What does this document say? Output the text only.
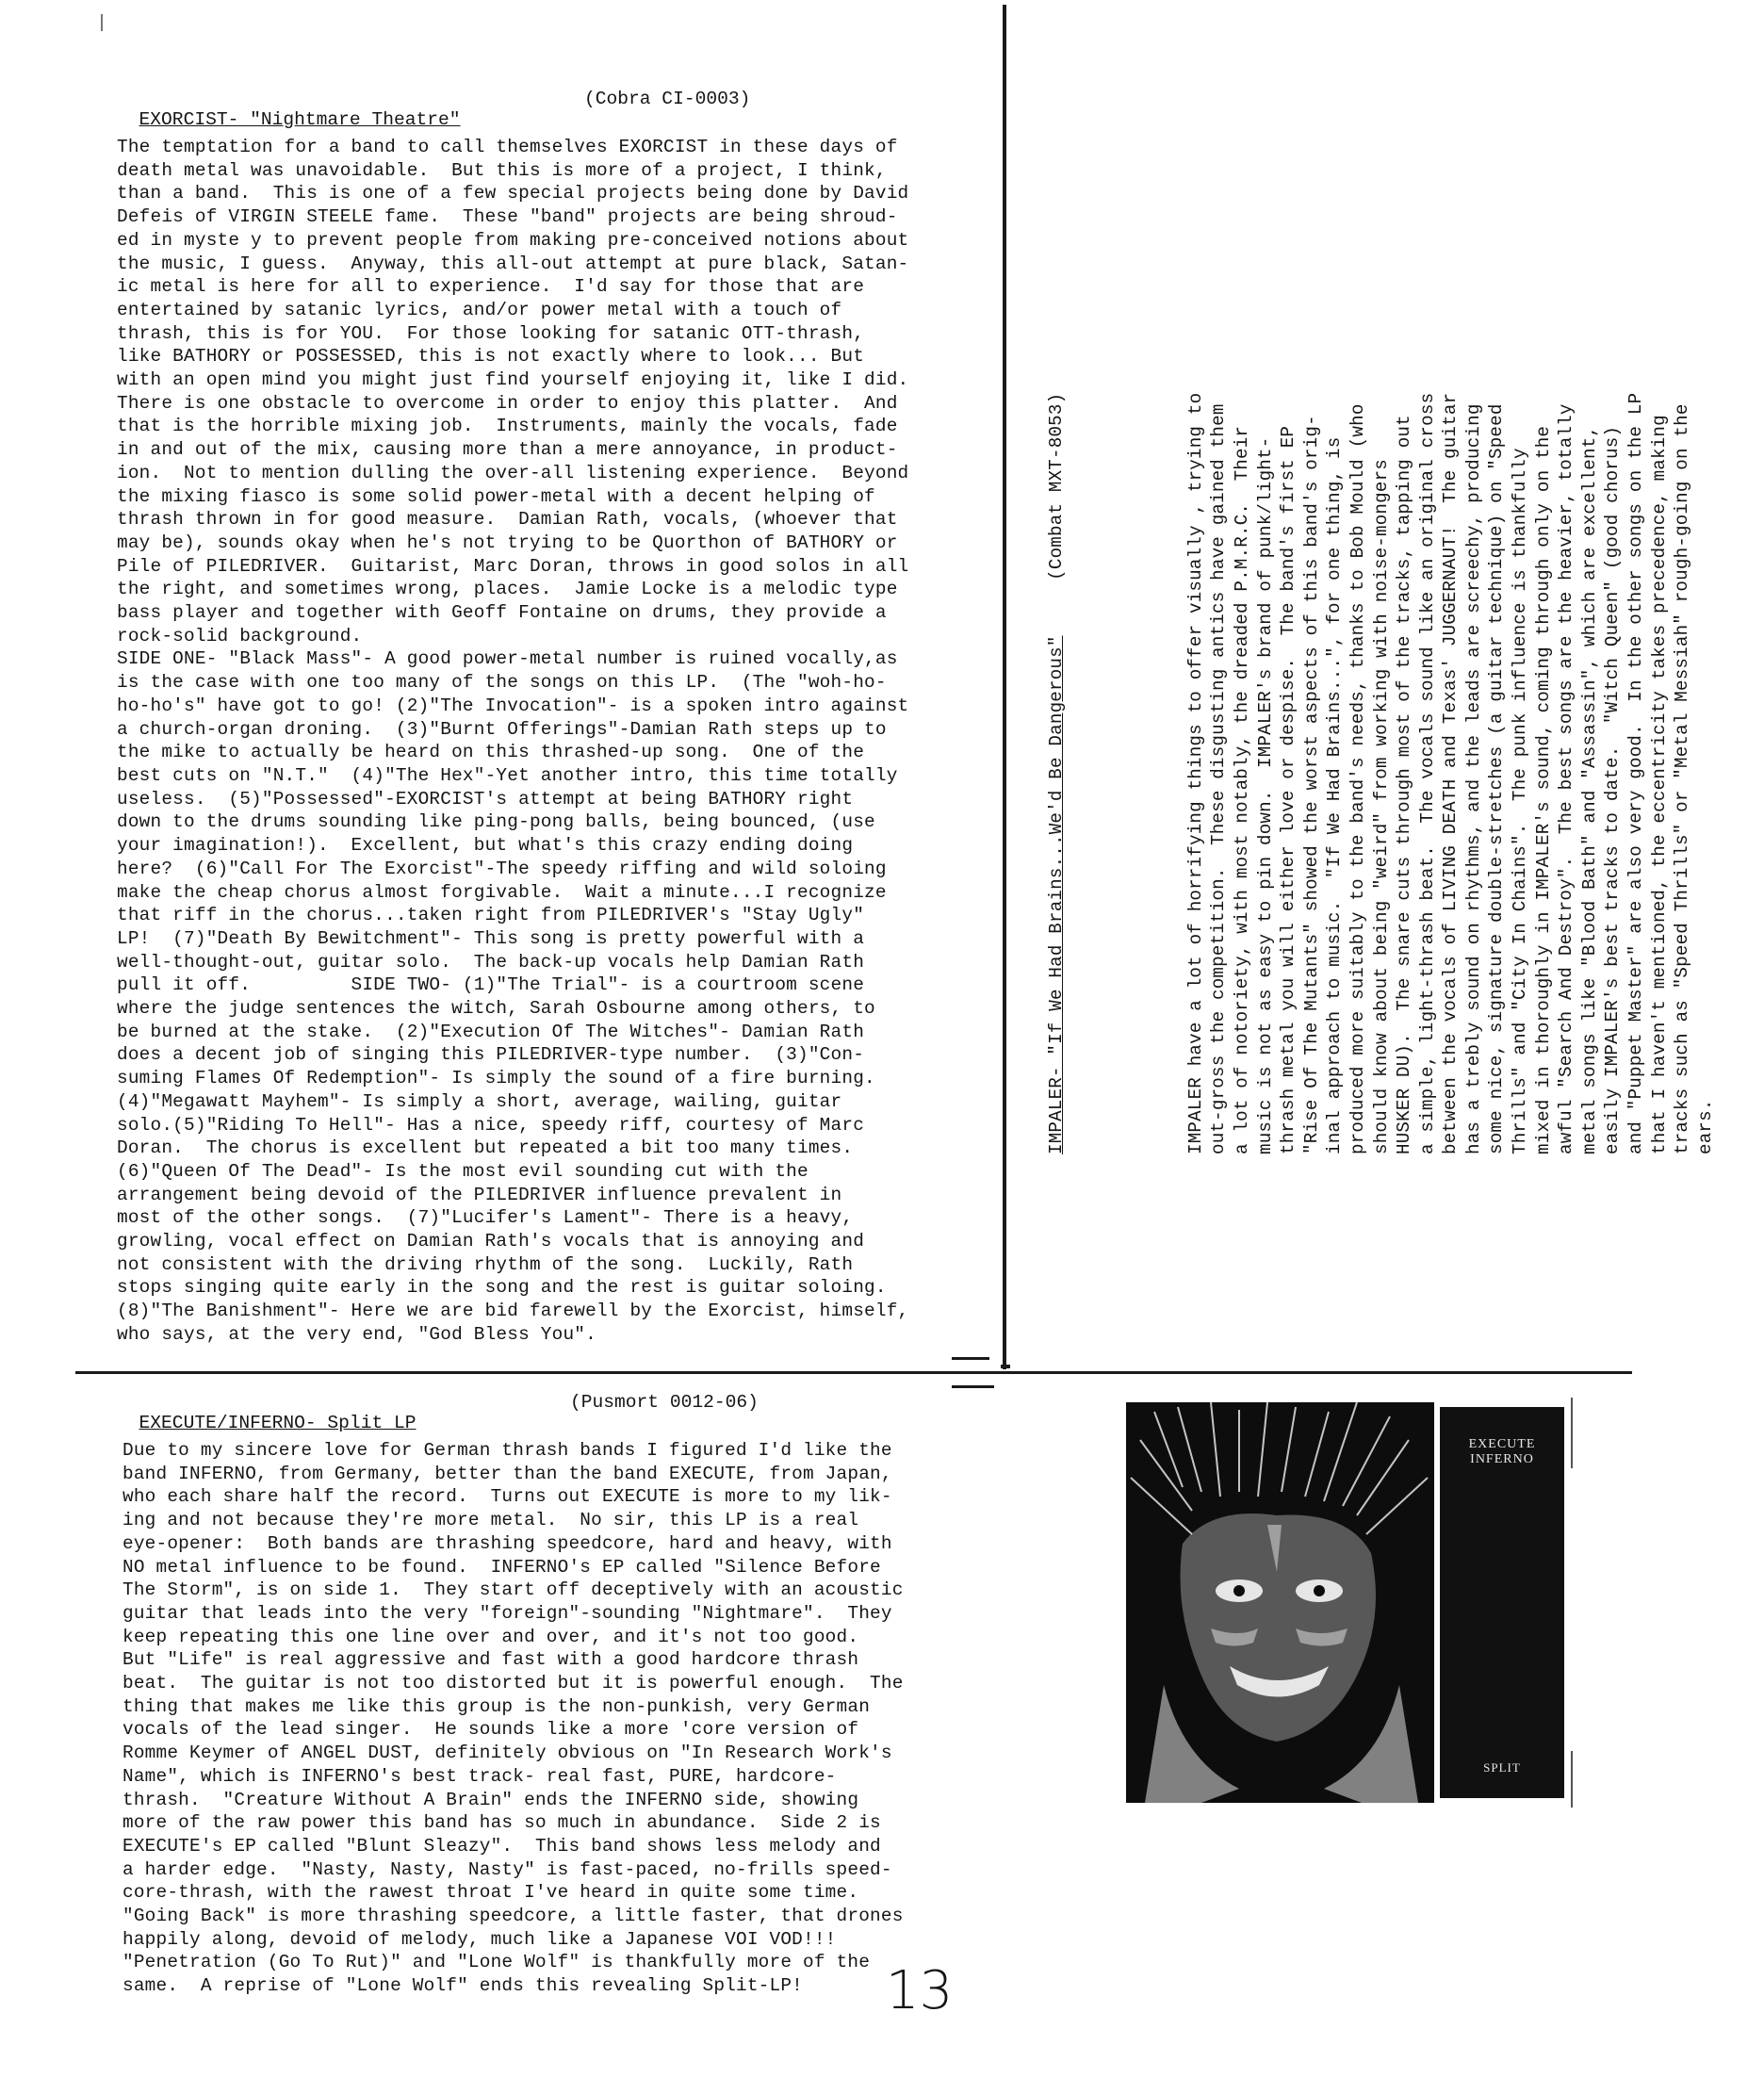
EXORCIST- "Nightmare Theatre"

(Cobra CI-0003)

The temptation for a band to call themselves EXORCIST in these days of

death metal was unavoidable.  But this is more of a project, I think,

than a band.  This is one of a few special projects being done by David

Defeis of VIRGIN STEELE fame.  These "band" projects are being shroud-

ed in myste y to prevent people from making pre-conceived notions about

the music, I guess.  Anyway, this all-out attempt at pure black, Satan-

ic metal is here for all to experience.  I'd say for those that are

entertained by satanic lyrics, and/or power metal with a touch of

thrash, this is for YOU.  For those looking for satanic OTT-thrash,

like BATHORY or POSSESSED, this is not exactly where to look... But

with an open mind you might just find yourself enjoying it, like I did.

There is one obstacle to overcome in order to enjoy this platter.  And

that is the horrible mixing job.  Instruments, mainly the vocals, fade

in and out of the mix, causing more than a mere annoyance, in product-

ion.  Not to mention dulling the over-all listening experience.  Beyond

the mixing fiasco is some solid power-metal with a decent helping of

thrash thrown in for good measure.  Damian Rath, vocals, (whoever that

may be), sounds okay when he's not trying to be Quorthon of BATHORY or

Pile of PILEDRIVER.  Guitarist, Marc Doran, throws in good solos in all

the right, and sometimes wrong, places.  Jamie Locke is a melodic type

bass player and together with Geoff Fontaine on drums, they provide a

rock-solid background.

SIDE ONE- "Black Mass"- A good power-metal number is ruined vocally,as

is the case with one too many of the songs on this LP.  (The "woh-ho-

ho-ho's" have got to go! (2)"The Invocation"- is a spoken intro against

a church-organ droning.  (3)"Burnt Offerings"-Damian Rath steps up to

the mike to actually be heard on this thrashed-up song.  One of the

best cuts on "N.T."  (4)"The Hex"-Yet another intro, this time totally

useless.  (5)"Possessed"-EXORCIST's attempt at being BATHORY right

down to the drums sounding like ping-pong balls, being bounced, (use

your imagination!).  Excellent, but what's this crazy ending doing

here?  (6)"Call For The Exorcist"-The speedy riffing and wild soloing

make the cheap chorus almost forgivable.  Wait a minute...I recognize

that riff in the chorus...taken right from PILEDRIVER's "Stay Ugly"

LP!  (7)"Death By Bewitchment"- This song is pretty powerful with a

well-thought-out, guitar solo.  The back-up vocals help Damian Rath

pull it off.         SIDE TWO- (1)"The Trial"- is a courtroom scene

where the judge sentences the witch, Sarah Osbourne among others, to

be burned at the stake.  (2)"Execution Of The Witches"- Damian Rath

does a decent job of singing this PILEDRIVER-type number.  (3)"Con-

suming Flames Of Redemption"- Is simply the sound of a fire burning.

(4)"Megawatt Mayhem"- Is simply a short, average, wailing, guitar

solo.(5)"Riding To Hell"- Has a nice, speedy riff, courtesy of Marc

Doran.  The chorus is excellent but repeated a bit too many times.

(6)"Queen Of The Dead"- Is the most evil sounding cut with the

arrangement being devoid of the PILEDRIVER influence prevalent in

most of the other songs.  (7)"Lucifer's Lament"- There is a heavy,

growling, vocal effect on Damian Rath's vocals that is annoying and

not consistent with the driving rhythm of the song.  Luckily, Rath

stops singing quite early in the song and the rest is guitar soloing.

(8)"The Banishment"- Here we are bid farewell by the Exorcist, himself,

who says, at the very end, "God Bless You".

IMPALER- "If We Had Brains...We'd Be Dangerous"     (Combat MXT-8053)

	IMPALER have a lot of horrifying things to offer visually , trying to out-gross the competition.  These disgusting antics have gained them a lot of notoriety, with most notably, the dreaded P.M.R.C.  Their music is not as easy to pin down.  IMPALER's brand of punk/light- thrash metal you will either love or despise.  The band's first EP "Rise Of The Mutants" showed the worst aspects of this band's orig- inal approach to music.  "If We Had Brains...", for one thing, is produced more suitably to the band's needs, thanks to Bob Mould (who should know about being "weird" from working with noise-mongers HUSKER DU).  The snare cuts through most of the tracks, tapping out a simple, light-thrash beat.  The vocals sound like an original cross between the vocals of LIVING DEATH and Texas' JUGGERNAUT!  The guitar has a trebly sound on rhythms, and the leads are screechy, producing some nice, signature double-stretches (a guitar technique) on "Speed Thrills" and "City In Chains".  The punk influence is thankfully mixed in thoroughly in IMPALER's sound, coming through only on the awful "Search And Destroy".  The best songs are the heavier, totally metal songs like "Blood Bath" and "Assassin", which are excellent, easily IMPALER's best tracks to date.  "Witch Queen" (good chorus) and "Puppet Master" are also very good.  In the other songs on the LP that I haven't mentioned, the eccentricity takes precedence, making tracks such as "Speed Thrills" or "Metal Messiah" rough-going on the ears.

EXECUTE/INFERNO- Split LP

(Pusmort 0012-06)

Due to my sincere love for German thrash bands I figured I'd like the

band INFERNO, from Germany, better than the band EXECUTE, from Japan,

who each share half the record.  Turns out EXECUTE is more to my lik-

ing and not because they're more metal.  No sir, this LP is a real

eye-opener:  Both bands are thrashing speedcore, hard and heavy, with

NO metal influence to be found.  INFERNO's EP called "Silence Before

The Storm", is on side 1.  They start off deceptively with an acoustic

guitar that leads into the very "foreign"-sounding "Nightmare".  They

keep repeating this one line over and over, and it's not too good.

But "Life" is real aggressive and fast with a good hardcore thrash

beat.  The guitar is not too distorted but it is powerful enough.  The

thing that makes me like this group is the non-punkish, very German

vocals of the lead singer.  He sounds like a more 'core version of

Romme Keymer of ANGEL DUST, definitely obvious on "In Research Work's

Name", which is INFERNO's best track- real fast, PURE, hardcore-

thrash.  "Creature Without A Brain" ends the INFERNO side, showing

more of the raw power this band has so much in abundance.  Side 2 is

EXECUTE's EP called "Blunt Sleazy".  This band shows less melody and

a harder edge.  "Nasty, Nasty, Nasty" is fast-paced, no-frills speed-

core-thrash, with the rawest throat I've heard in quite some time.

"Going Back" is more thrashing speedcore, a little faster, that drones

happily along, devoid of melody, much like a Japanese VOI VOD!!!

"Penetration (Go To Rut)" and "Lone Wolf" is thankfully more of the

same.  A reprise of "Lone Wolf" ends this revealing Split-LP!

EXECUTE
INFERNO
SPLIT
13
